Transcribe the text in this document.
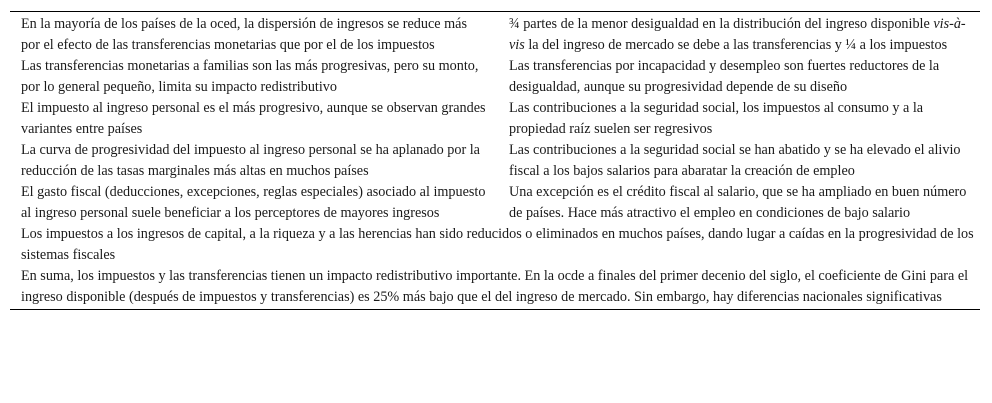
En la mayoría de los países de la oced, la dispersión de ingresos se reduce más por el efecto de las transferencias monetarias que por el de los impuestos	¾ partes de la menor desigualdad en la distribución del ingreso disponible vis-à-vis la del ingreso de mercado se debe a las transferencias y ¼ a los impuestos
Las transferencias monetarias a familias son las más progresivas, pero su monto, por lo general pequeño, limita su impacto redistributivo	Las transferencias por incapacidad y desempleo son fuertes reductores de la desigualdad, aunque su progresividad depende de su diseño
El impuesto al ingreso personal es el más progresivo, aunque se observan grandes variantes entre países	Las contribuciones a la seguridad social, los impuestos al consumo y a la propiedad raíz suelen ser regresivos
La curva de progresividad del impuesto al ingreso personal se ha aplanado por la reducción de las tasas marginales más altas en muchos países	Las contribuciones a la seguridad social se han abatido y se ha elevado el alivio fiscal a los bajos salarios para abaratar la creación de empleo
El gasto fiscal (deducciones, excepciones, reglas especiales) asociado al impuesto al ingreso personal suele beneficiar a los perceptores de mayores ingresos	Una excepción es el crédito fiscal al salario, que se ha ampliado en buen número de países. Hace más atractivo el empleo en condiciones de bajo salario
Los impuestos a los ingresos de capital, a la riqueza y a las herencias han sido reducidos o eliminados en muchos países, dando lugar a caídas en la progresividad de los sistemas fiscales	
En suma, los impuestos y las transferencias tienen un impacto redistributivo importante. En la ocde a finales del primer decenio del siglo, el coeficiente de Gini para el ingreso disponible (después de impuestos y transferencias) es 25% más bajo que el del ingreso de mercado. Sin embargo, hay diferencias nacionales significativas	
